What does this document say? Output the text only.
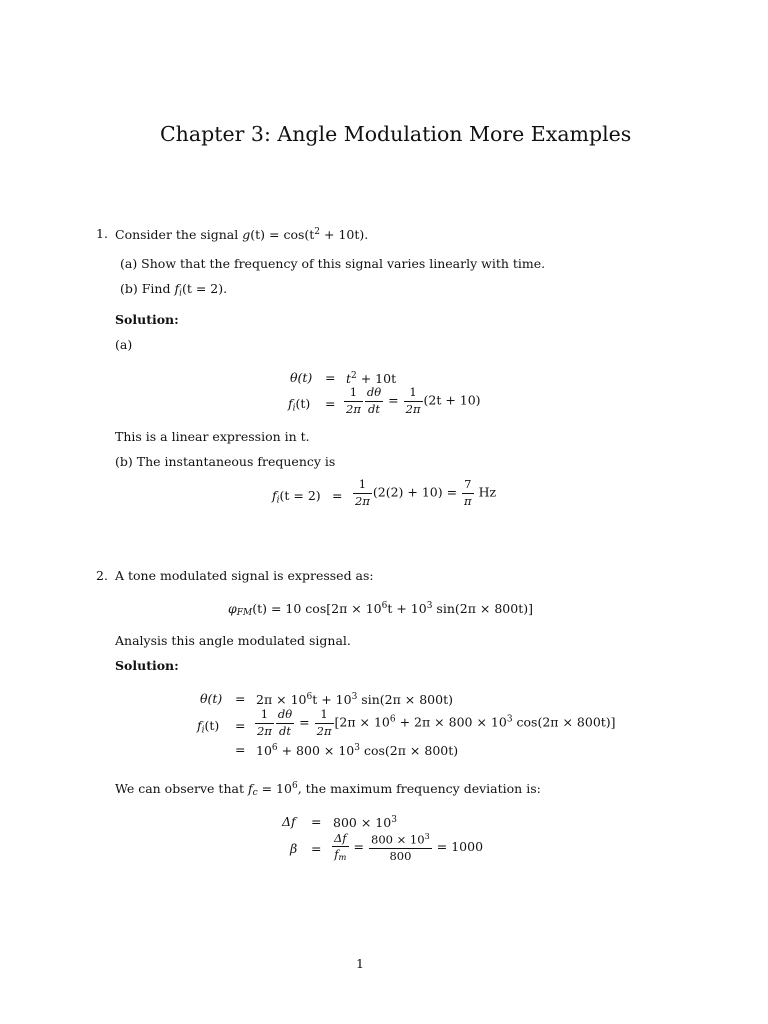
Chapter 3: Angle Modulation More Examples
1. Consider the signal $g(t) = \cos(t^2 + 10t)$.
(a) Show that the frequency of this signal varies linearly with time.
(b) Find $f_i(t = 2)$.
Solution:
(a)
$\theta(t) = t^2 + 10t$
$f_i(t) = \frac{1}{2\pi} \frac{d\theta}{dt} = \frac{1}{2\pi} (2t + 10)$
This is a linear expression in t.
(b) The instantaneous frequency is
$f_i(t = 2) = \frac{1}{2\pi} (2(2) + 10) = \frac{7}{\pi}$ Hz
2. A tone modulated signal is expressed as:
$\varphi_{FM}(t) = 10$ $\cos[2\pi \times 10^6t + 10^3$ sin(2π × 800t)]
Analysis this angle modulated signal.
Solution:
$\theta(t) = 2\pi \times 10^6t + 10^3$ sin(2π × 800t)
$f_i(t) = \frac{1}{2\pi} \frac{d\theta}{dt} = \frac{1}{2\pi} [2\pi \times 10^6 + 2\pi \times 800 \times 10^3$ cos(2π × 800t)]
= $10^6 + 800 \times 10^3$ cos(2π × 800t)
We can observe that $f_c = 10^6$, the maximum frequency deviation is:
$\Delta f = 800 \times 10^3$
$\beta = \frac{\Delta f}{f_m} = \frac{800 \times 10^3}{800} = 1000$
1
